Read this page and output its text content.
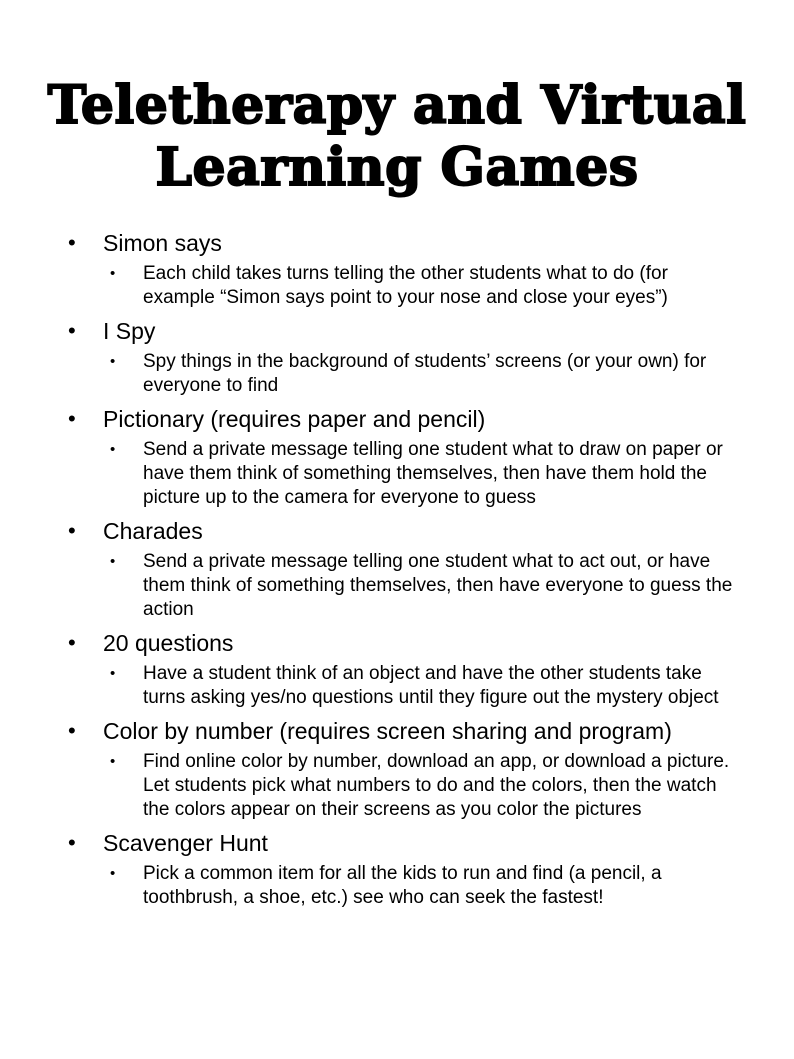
Teletherapy and Virtual
Learning Games
• Simon says
• Each child takes turns telling the other students what to do (for example “Simon says point to your nose and close your eyes”)
• I Spy
• Spy things in the background of students’ screens (or your own) for everyone to find
• Pictionary (requires paper and pencil)
• Send a private message telling one student what to draw on paper or have them think of something themselves, then have them hold the picture up to the camera for everyone to guess
• Charades
• Send a private message telling one student what to act out, or have them think of something themselves, then have everyone to guess the action
• 20 questions
• Have a student think of an object and have the other students take turns asking yes/no questions until they figure out the mystery object
• Color by number (requires screen sharing and program)
• Find online color by number, download an app, or download a picture. Let students pick what numbers to do and the colors, then the watch the colors appear on their screens as you color the pictures
• Scavenger Hunt
• Pick a common item for all the kids to run and find (a pencil, a toothbrush, a shoe, etc.) see who can seek the fastest!
